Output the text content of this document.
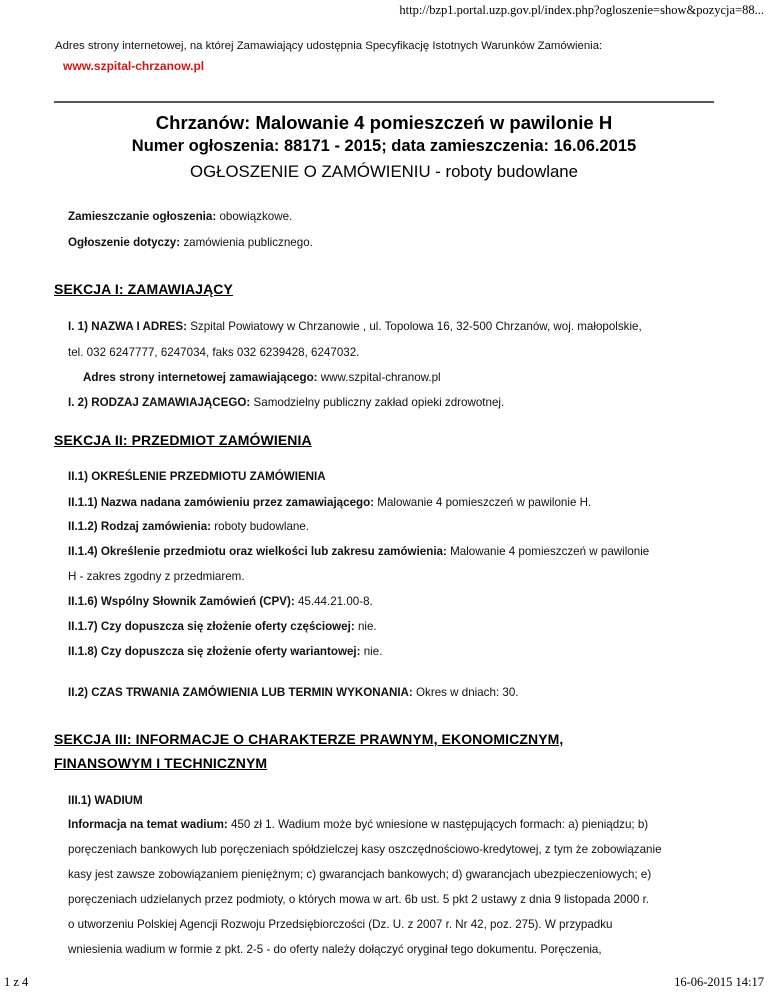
http://bzp1.portal.uzp.gov.pl/index.php?ogloszenie=show&pozycja=88...
Adres strony internetowej, na której Zamawiający udostępnia Specyfikację Istotnych Warunków Zamówienia:
www.szpital-chrzanow.pl
Chrzanów: Malowanie 4 pomieszczeń w pawilonie H
Numer ogłoszenia: 88171 - 2015; data zamieszczenia: 16.06.2015
OGŁOSZENIE O ZAMÓWIENIU - roboty budowlane
Zamieszczanie ogłoszenia: obowiązkowe.
Ogłoszenie dotyczy: zamówienia publicznego.
SEKCJA I: ZAMAWIAJĄCY
I. 1) NAZWA I ADRES: Szpital Powiatowy w Chrzanowie , ul. Topolowa 16, 32-500 Chrzanów, woj. małopolskie,
tel. 032 6247777, 6247034, faks 032 6239428, 6247032.
Adres strony internetowej zamawiającego: www.szpital-chranow.pl
I. 2) RODZAJ ZAMAWIAJĄCEGO: Samodzielny publiczny zakład opieki zdrowotnej.
SEKCJA II: PRZEDMIOT ZAMÓWIENIA
II.1) OKREŚLENIE PRZEDMIOTU ZAMÓWIENIA
II.1.1) Nazwa nadana zamówieniu przez zamawiającego: Malowanie 4 pomieszczeń w pawilonie H.
II.1.2) Rodzaj zamówienia: roboty budowlane.
II.1.4) Określenie przedmiotu oraz wielkości lub zakresu zamówienia: Malowanie 4 pomieszczeń w pawilonie
H - zakres zgodny z przedmiarem.
II.1.6) Wspólny Słownik Zamówień (CPV): 45.44.21.00-8.
II.1.7) Czy dopuszcza się złożenie oferty częściowej: nie.
II.1.8) Czy dopuszcza się złożenie oferty wariantowej: nie.
II.2) CZAS TRWANIA ZAMÓWIENIA LUB TERMIN WYKONANIA: Okres w dniach: 30.
SEKCJA III: INFORMACJE O CHARAKTERZE PRAWNYM, EKONOMICZNYM,
FINANSOWYM I TECHNICZNYM
III.1) WADIUM
Informacja na temat wadium: 450 zł 1. Wadium może być wniesione w następujących formach: a) pieniądzu; b)
poręczeniach bankowych lub poręczeniach spółdzielczej kasy oszczędnościowo-kredytowej, z tym że zobowiązanie
kasy jest zawsze zobowiązaniem pieniężnym; c) gwarancjach bankowych; d) gwarancjach ubezpieczeniowych; e)
poręczeniach udzielanych przez podmioty, o których mowa w art. 6b ust. 5 pkt 2 ustawy z dnia 9 listopada 2000 r.
o utworzeniu Polskiej Agencji Rozwoju Przedsiębiorczości (Dz. U. z 2007 r. Nr 42, poz. 275). W przypadku
wniesienia wadium w formie z pkt. 2-5 - do oferty należy dołączyć oryginał tego dokumentu. Poręczenia,
1 z 4	16-06-2015 14:17
